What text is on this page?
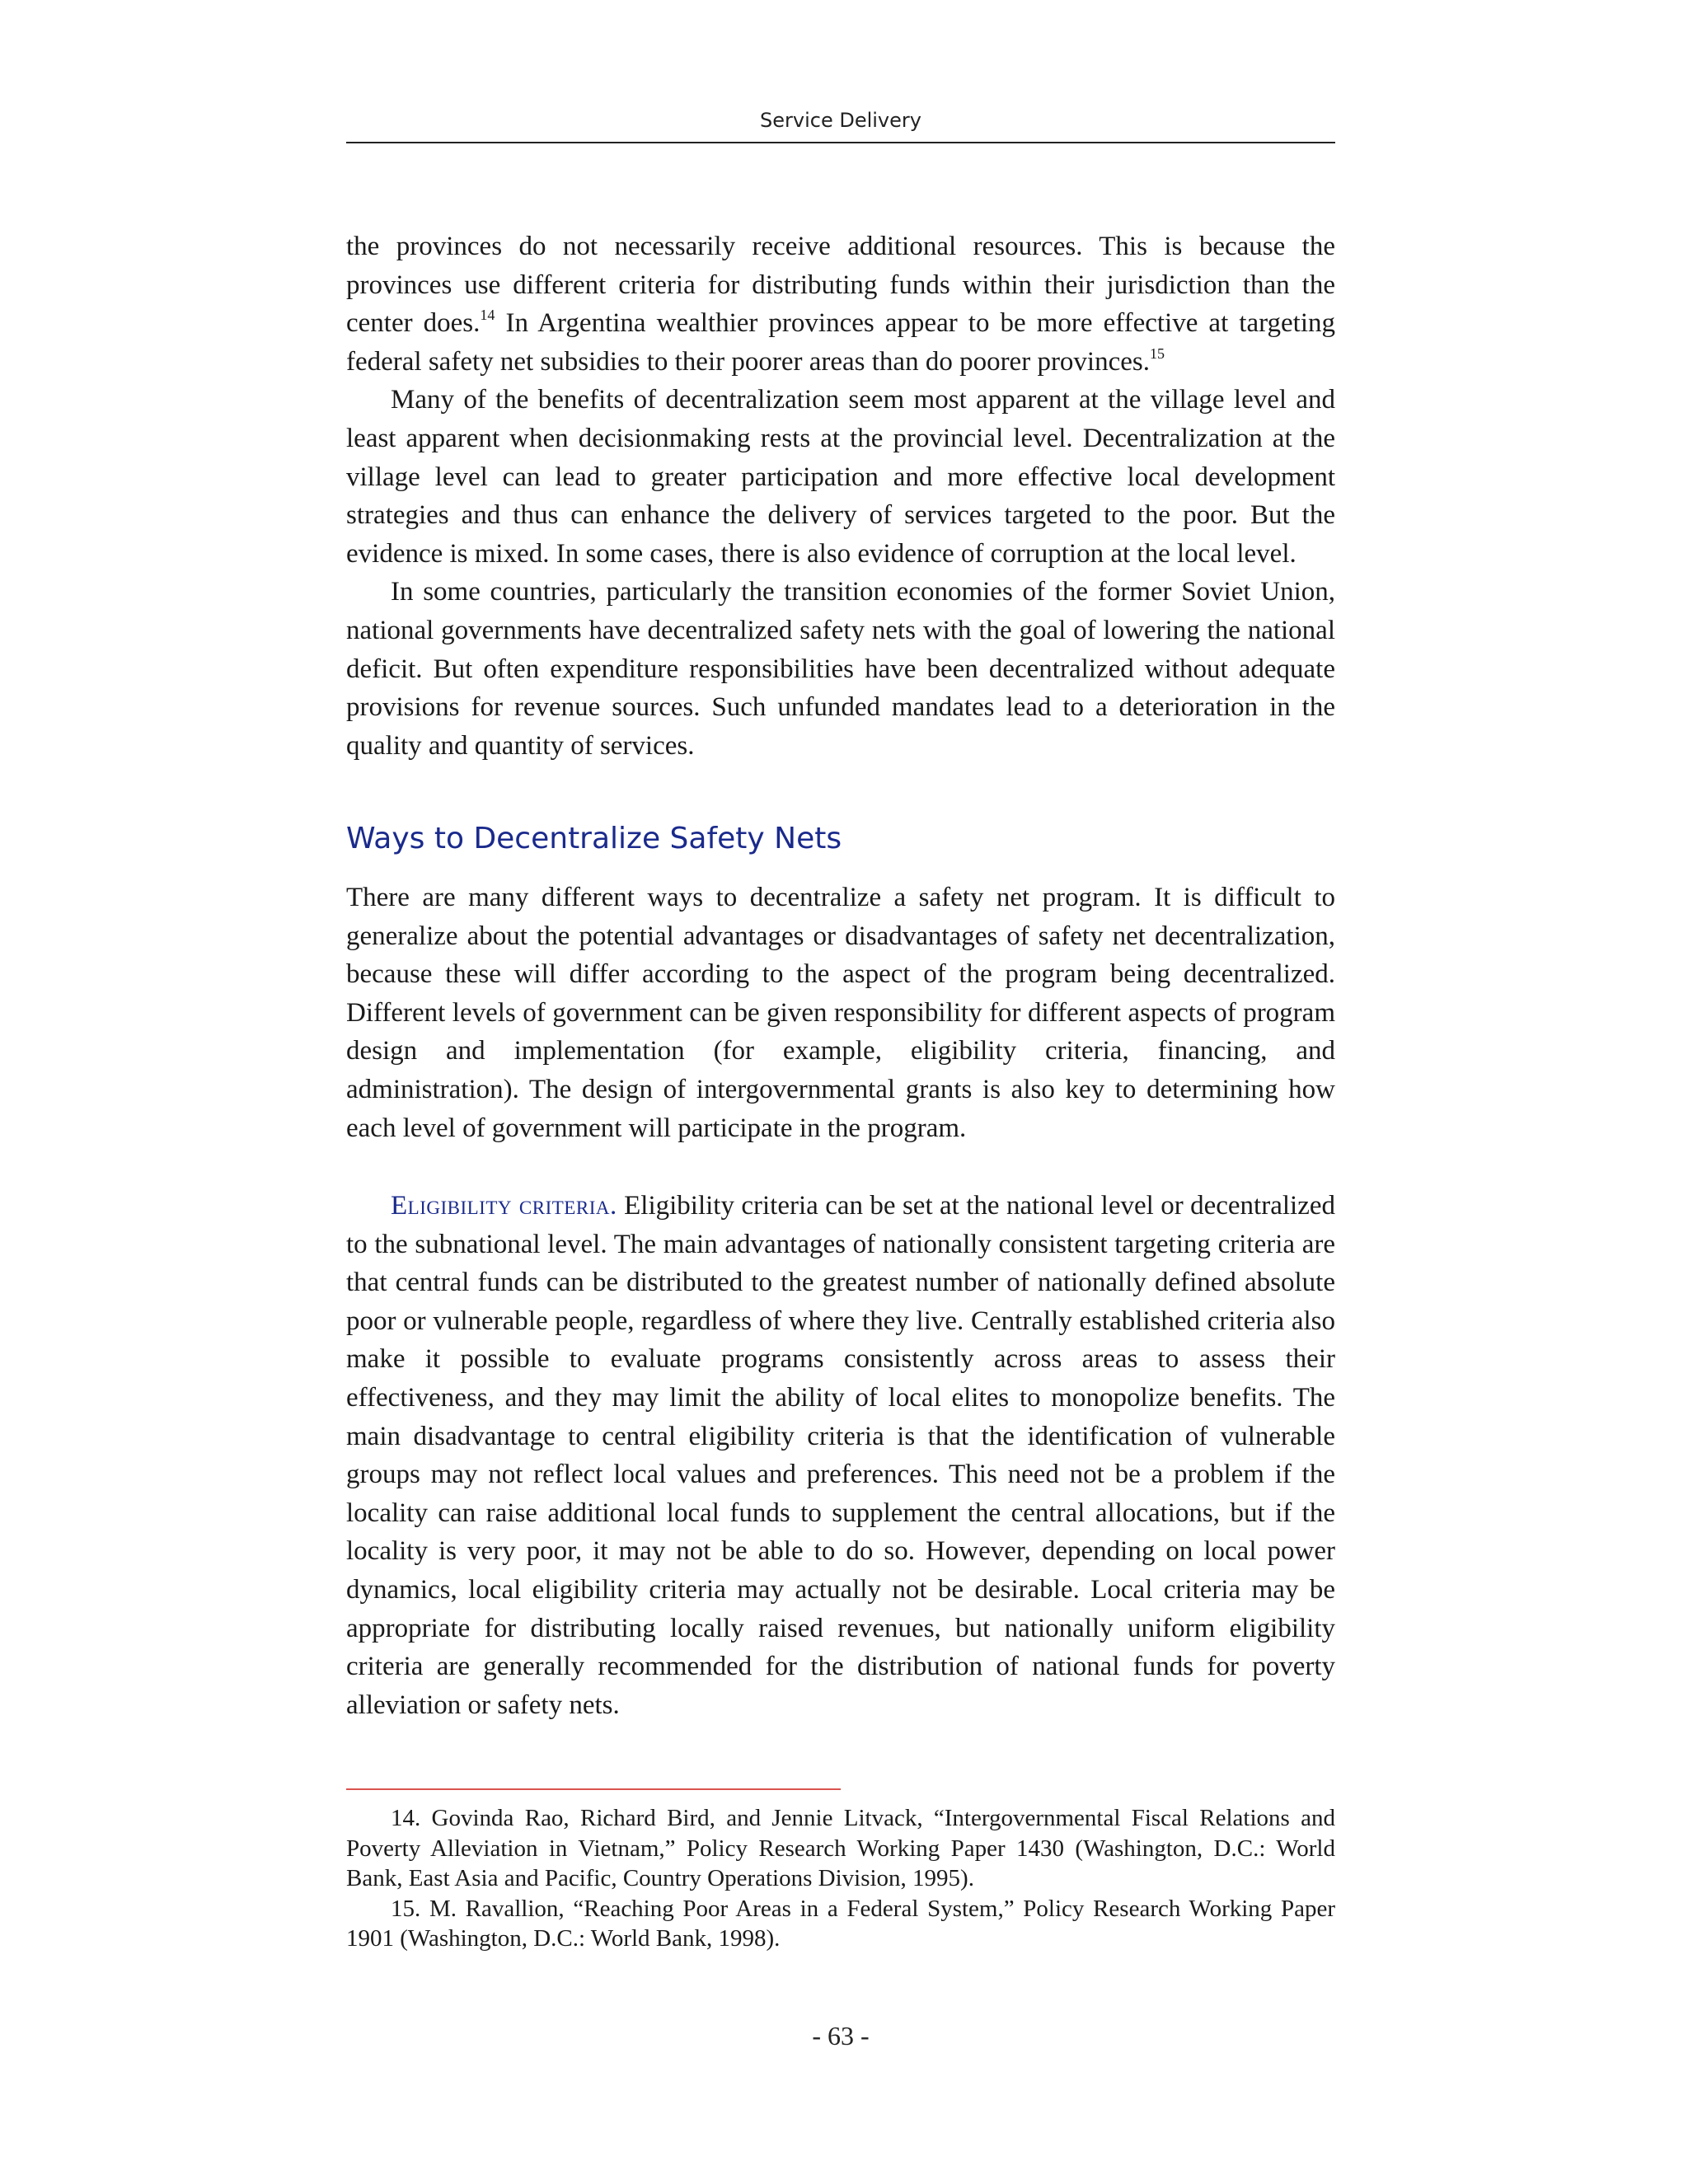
Service Delivery

the provinces do not necessarily receive additional resources. This is because the provinces use different criteria for distributing funds within their jurisdiction than the center does.$^{14}$ In Argentina wealthier provinces appear to be more effective at targeting federal safety net subsidies to their poorer areas than do poorer provinces.$^{15}$

Many of the benefits of decentralization seem most apparent at the village level and least apparent when decisionmaking rests at the provincial level. Decentralization at the village level can lead to greater participation and more effective local development strategies and thus can enhance the delivery of services targeted to the poor. But the evidence is mixed. In some cases, there is also evidence of corruption at the local level.

In some countries, particularly the transition economies of the former Soviet Union, national governments have decentralized safety nets with the goal of lowering the national deficit. But often expenditure responsibilities have been decentralized without adequate provisions for revenue sources. Such unfunded mandates lead to a deterioration in the quality and quantity of services.

Ways to Decentralize Safety Nets

There are many different ways to decentralize a safety net program. It is difficult to generalize about the potential advantages or disadvantages of safety net decentralization, because these will differ according to the aspect of the program being decentralized. Different levels of government can be given responsibility for different aspects of program design and implementation (for example, eligibility criteria, financing, and administration). The design of intergovernmental grants is also key to determining how each level of government will participate in the program.

Eligibility criteria. Eligibility criteria can be set at the national level or decentralized to the subnational level. The main advantages of nationally consistent targeting criteria are that central funds can be distributed to the greatest number of nationally defined absolute poor or vulnerable people, regardless of where they live. Centrally established criteria also make it possible to evaluate programs consistently across areas to assess their effectiveness, and they may limit the ability of local elites to monopolize benefits. The main disadvantage to central eligibility criteria is that the identification of vulnerable groups may not reflect local values and preferences. This need not be a problem if the locality can raise additional local funds to supplement the central allocations, but if the locality is very poor, it may not be able to do so. However, depending on local power dynamics, local eligibility criteria may actually not be desirable. Local criteria may be appropriate for distributing locally raised revenues, but nationally uniform eligibility criteria are generally recommended for the distribution of national funds for poverty alleviation or safety nets.

14. Govinda Rao, Richard Bird, and Jennie Litvack, “Intergovernmental Fiscal Relations and Poverty Alleviation in Vietnam,” Policy Research Working Paper 1430 (Washington, D.C.: World Bank, East Asia and Pacific, Country Operations Division, 1995).

15. M. Ravallion, “Reaching Poor Areas in a Federal System,” Policy Research Working Paper 1901 (Washington, D.C.: World Bank, 1998).

- 63 -
